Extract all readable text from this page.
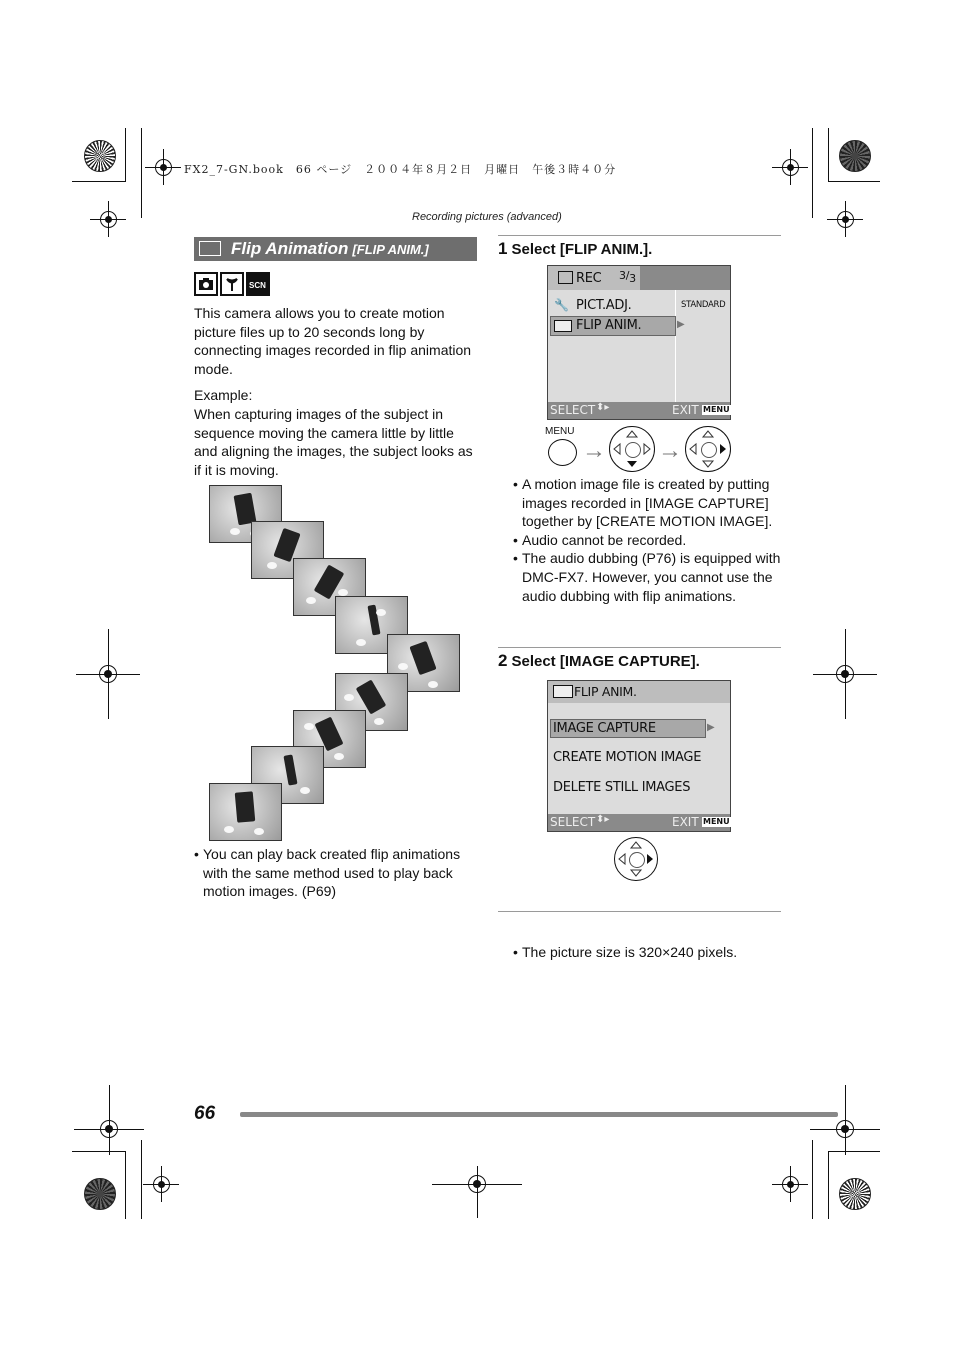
FX2_7-GN.book　66 ページ　２００４年８月２日　月曜日　午後３時４０分
Recording pictures (advanced)
Flip Animation [FLIP ANIM.]
SCN
This camera allows you to create motion picture files up to 20 seconds long by connecting images recorded in flip animation mode.
Example:
When capturing images of the subject in sequence moving the camera little by little and aligning the images, the subject looks as if it is moving.
• You can play back created flip animations with the same method used to play back motion images. (P69)
1 Select [FLIP ANIM.].
REC 3/3
🔧 PICT.ADJ.	STANDARD
FLIP ANIM.	▶
SELECT ⬍▸	EXIT MENU
MENU
→ →
• A motion image file is created by putting images recorded in [IMAGE CAPTURE] together by [CREATE MOTION IMAGE].
• Audio cannot be recorded.
• The audio dubbing (P76) is equipped with DMC-FX7. However, you cannot use the audio dubbing with flip animations.
2 Select [IMAGE CAPTURE].
FLIP ANIM.
IMAGE CAPTURE	▶
CREATE MOTION IMAGE
DELETE STILL IMAGES
SELECT ⬍▸	EXIT MENU
• The picture size is 320×240 pixels.
66
